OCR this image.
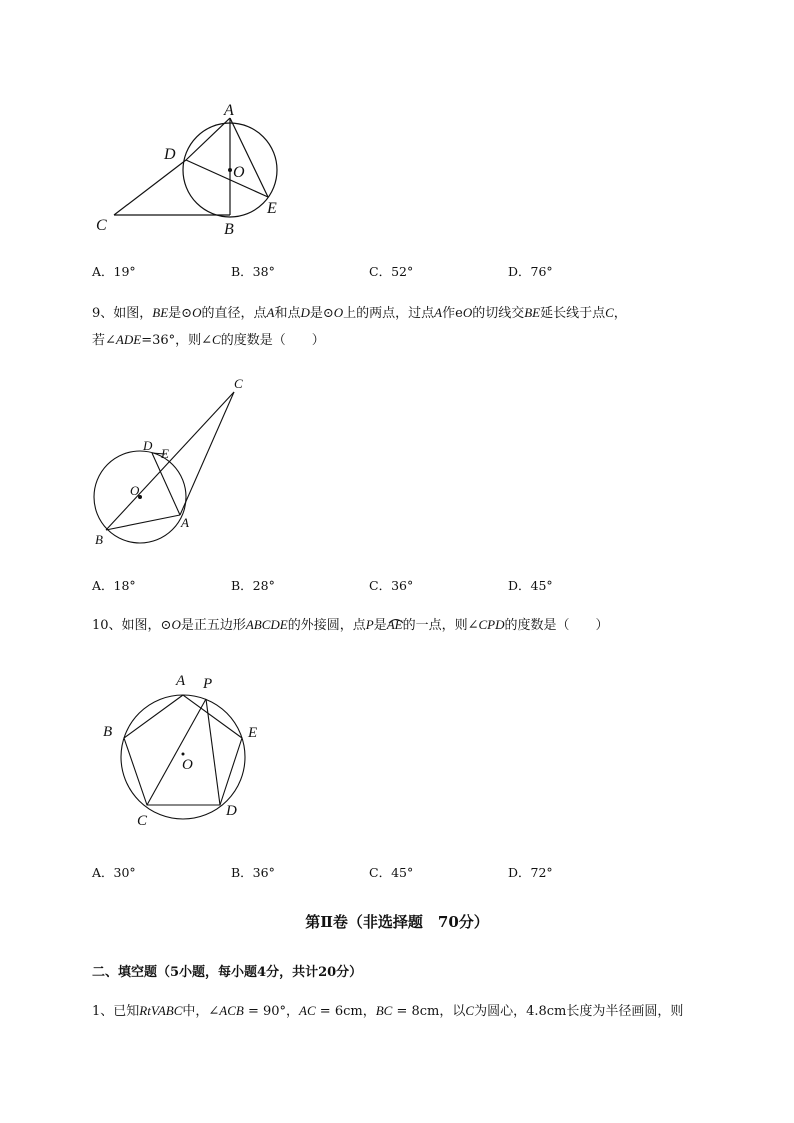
A
D
O
C	B
E
A．19°	B．38°	C．52°	D．76°
9、如图，BE是⊙O的直径，点A和点D是⊙O上的两点，过点A作eO的切线交BE延长线于点C，
若∠ADE=36°，则∠C的度数是（　　）
C
D
E
O
A
B
A．18°	B．28°	C．36°	D．45°
10、如图，⊙O是正五边形ABCDE的外接圆，点P是AE
的一点，则∠CPD的度数是（　　）
A P
B	E
O
C
D
A．30°	B．36°	C．45°	D．72°
第Ⅱ卷（非选择题　70分）
二、填空题（5小题，每小题4分，共计20分）
1、已知RtVABC中，∠ACB = 90°，AC = 6cm，BC = 8cm，以C为圆心，4.8cm长度为半径画圆，则
